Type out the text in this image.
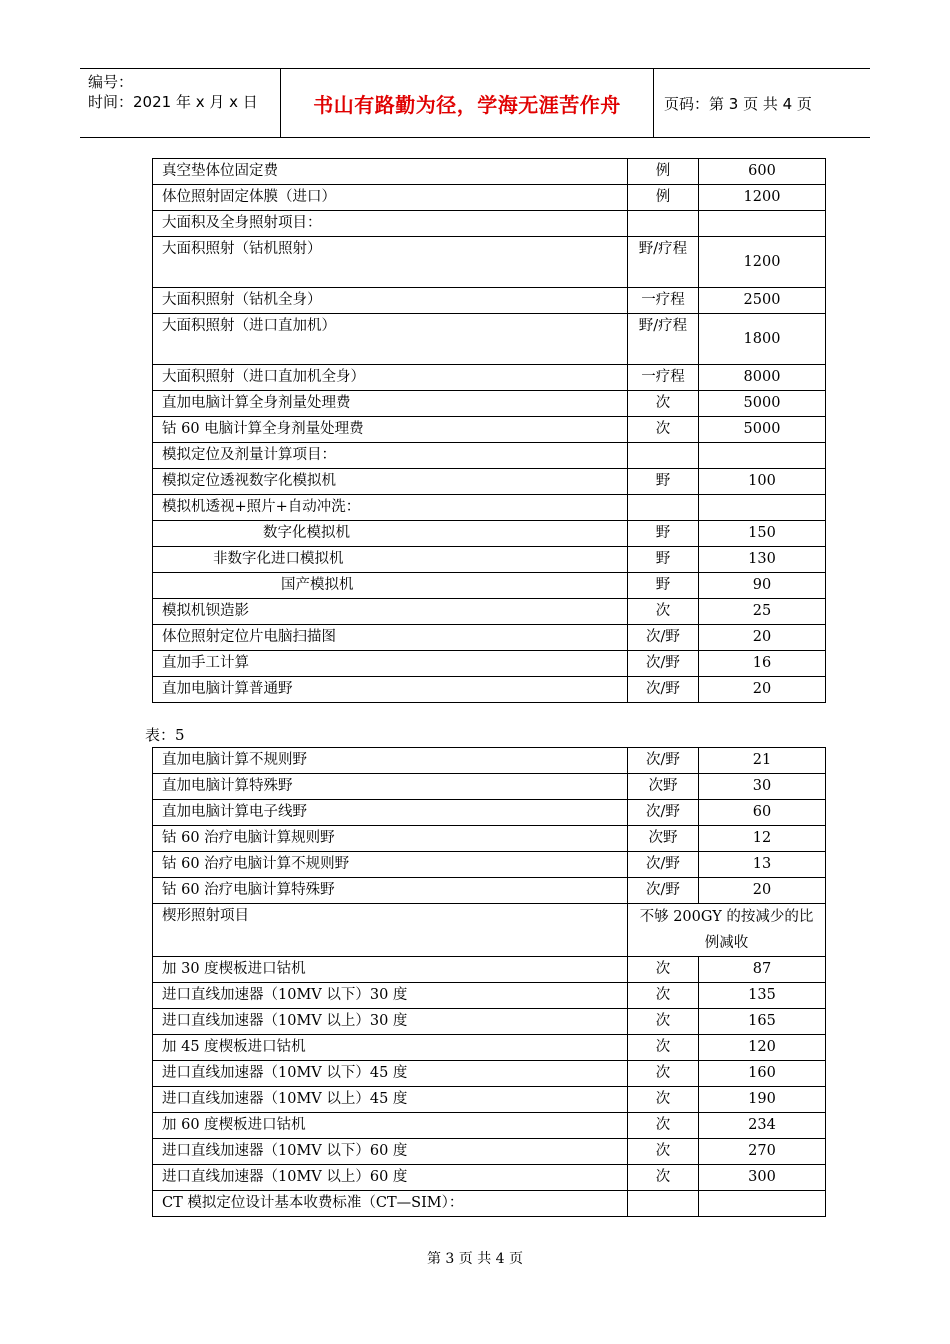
编号：
时间：2021 年 x 月 x 日	书山有路勤为径，学海无涯苦作舟	页码：第 3 页 共 4 页
真空垫体位固定费	例	600
体位照射固定体膜（进口）	例	1200
大面积及全身照射项目：		
大面积照射（钴机照射）	野/疗程	1200
大面积照射（钴机全身）	一疗程	2500
大面积照射（进口直加机）	野/疗程	1800
大面积照射（进口直加机全身）	一疗程	8000
直加电脑计算全身剂量处理费	次	5000
钴 60 电脑计算全身剂量处理费	次	5000
模拟定位及剂量计算项目：		
模拟定位透视数字化模拟机	野	100
模拟机透视+照片+自动冲洗：		
数字化模拟机	野	150
非数字化进口模拟机	野	130
国产模拟机	野	90
模拟机钡造影	次	25
体位照射定位片电脑扫描图	次/野	20
直加手工计算	次/野	16
直加电脑计算普通野	次/野	20
表：5
直加电脑计算不规则野	次/野	21
直加电脑计算特殊野	次野	30
直加电脑计算电子线野	次/野	60
钴 60 治疗电脑计算规则野	次野	12
钴 60 治疗电脑计算不规则野	次/野	13
钴 60 治疗电脑计算特殊野	次/野	20
楔形照射项目	不够 200GY 的按减少的比例减收	
加 30 度楔板进口钴机	次	87
进口直线加速器（10MV 以下）30 度	次	135
进口直线加速器（10MV 以上）30 度	次	165
加 45 度楔板进口钴机	次	120
进口直线加速器（10MV 以下）45 度	次	160
进口直线加速器（10MV 以上）45 度	次	190
加 60 度楔板进口钴机	次	234
进口直线加速器（10MV 以下）60 度	次	270
进口直线加速器（10MV 以上）60 度	次	300
CT 模拟定位设计基本收费标准（CT—SIM）：		
第 3 页 共 4 页
